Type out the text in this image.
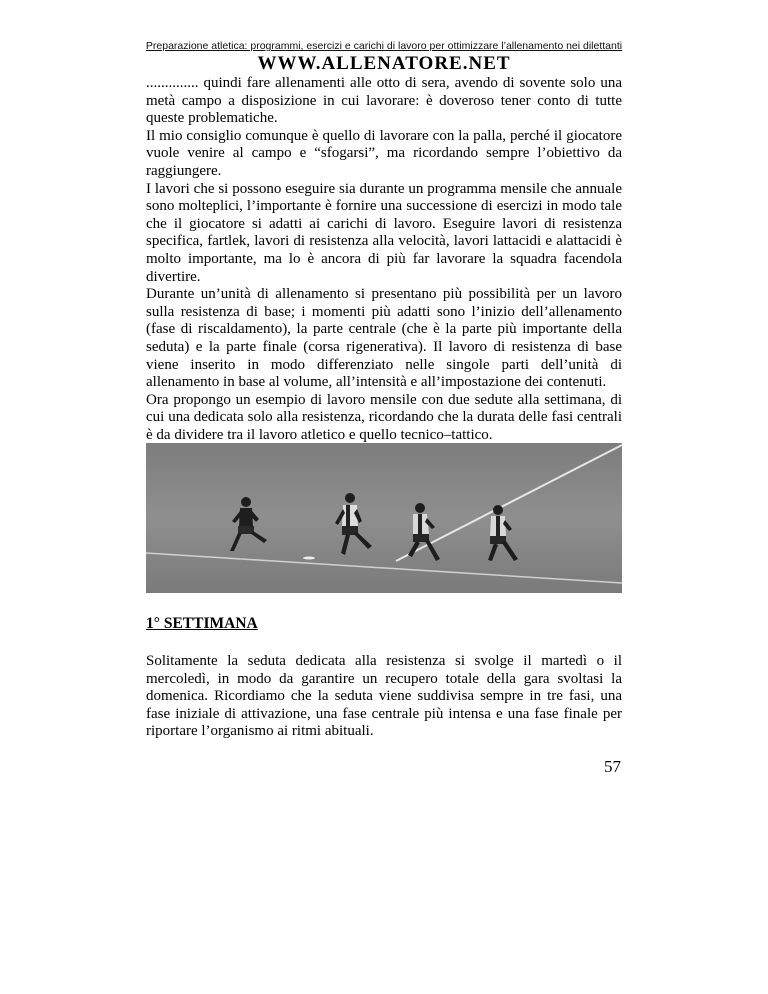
Preparazione atletica: programmi, esercizi e carichi di lavoro per ottimizzare l’allenamento nei dilettanti
WWW.ALLENATORE.NET

.............. quindi fare allenamenti alle otto di sera, avendo di sovente solo una metà campo a disposizione in cui lavorare: è doveroso tener conto di tutte queste problematiche.

Il mio consiglio comunque è quello di lavorare con la palla, perché il giocatore vuole venire al campo e “sfogarsi”, ma ricordando sempre l’obiettivo da raggiungere.

I lavori che si possono eseguire sia durante un programma mensile che annuale sono molteplici, l’importante è fornire una successione di esercizi in modo tale che il giocatore si adatti ai carichi di lavoro. Eseguire lavori di resistenza specifica, fartlek, lavori di resistenza alla velocità, lavori lattacidi e alattacidi è molto importante, ma lo è ancora di più far lavorare la squadra facendola divertire.

Durante un’unità di allenamento si presentano più possibilità per un lavoro sulla resistenza di base; i momenti più adatti sono l’inizio dell’allenamento (fase di riscaldamento), la parte centrale (che è la parte più importante della seduta) e la parte finale (corsa rigenerativa). Il lavoro di resistenza di base viene inserito in modo differenziato nelle singole parti dell’unità di allenamento in base al volume, all’intensità e all’impostazione dei contenuti.

Ora propongo un esempio di lavoro mensile con due sedute alla settimana, di cui una dedicata solo alla resistenza, ricordando che la durata delle fasi centrali è da dividere tra il lavoro atletico e quello tecnico–tattico.

1° SETTIMANA

Solitamente la seduta dedicata alla resistenza si svolge il martedì o il mercoledì, in modo da garantire un recupero totale della gara svoltasi la domenica. Ricordiamo che la seduta viene suddivisa sempre in tre fasi, una fase iniziale di attivazione, una fase centrale più intensa e una fase finale per riportare l’organismo ai ritmi abituali.

57
